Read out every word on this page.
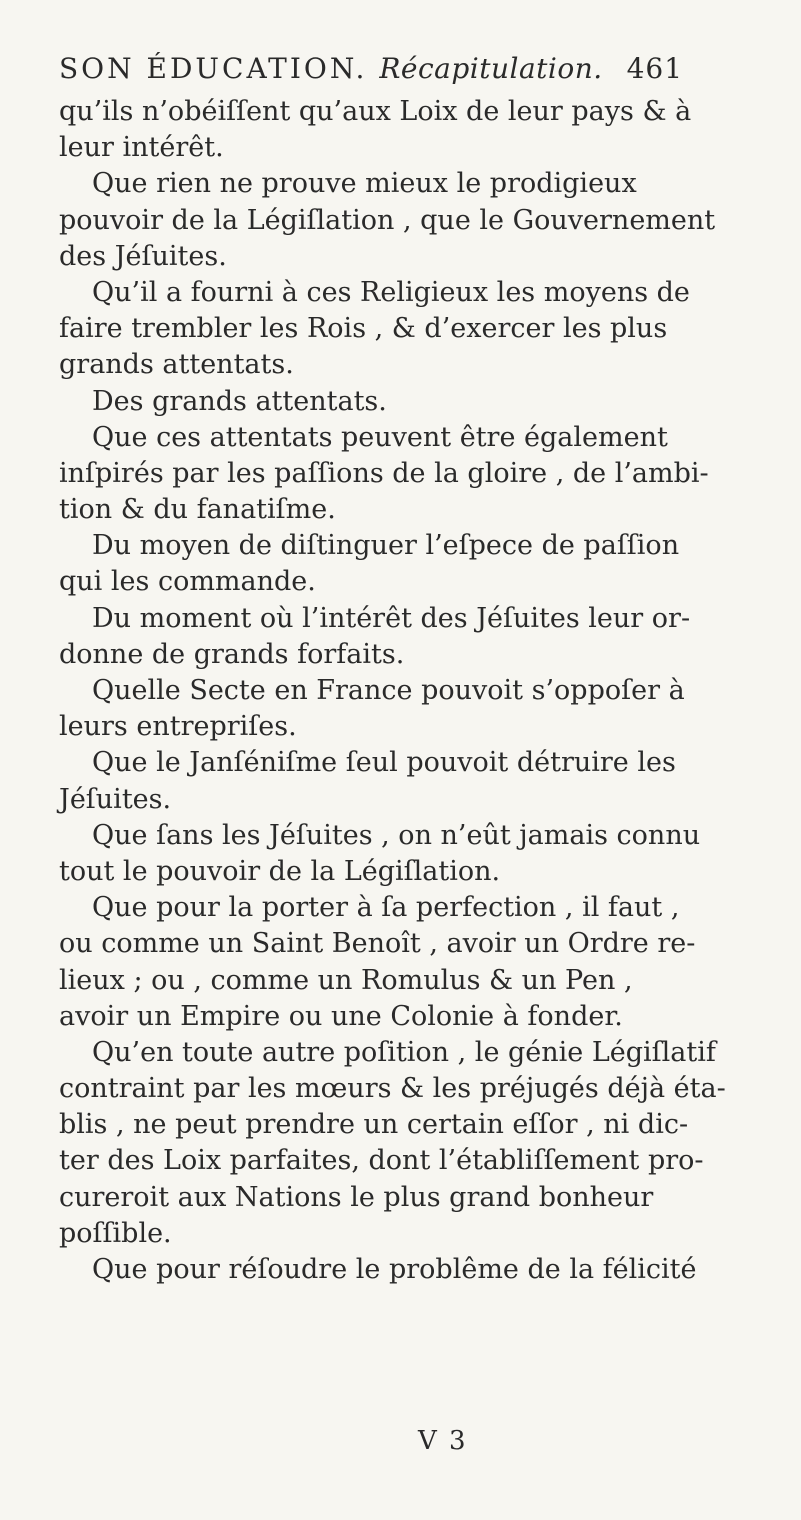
SON ÉDUCATION. Récapitulation. 461
qu’ils n’obéiſſent qu’aux Loix de leur pays & à
leur intérêt.
Que rien ne prouve mieux le prodigieux
pouvoir de la Légiſlation , que le Gouvernement
des Jéſuites.
Qu’il a fourni à ces Religieux les moyens de
faire trembler les Rois , & d’exercer les plus
grands attentats.
Des grands attentats.
Que ces attentats peuvent être également
inſpirés par les paſſions de la gloire , de l’ambi-
tion & du fanatiſme.
Du moyen de diſtinguer l’eſpece de paſſion
qui les commande.
Du moment où l’intérêt des Jéſuites leur or-
donne de grands forfaits.
Quelle Secte en France pouvoit s’oppoſer à
leurs entrepriſes.
Que le Janſéniſme ſeul pouvoit détruire les
Jéſuites.
Que ſans les Jéſuites , on n’eût jamais connu
tout le pouvoir de la Légiſlation.
Que pour la porter à ſa perfection , il faut ,
ou comme un Saint Benoît , avoir un Ordre re-
lieux ; ou , comme un Romulus & un Pen ,
avoir un Empire ou une Colonie à fonder.
Qu’en toute autre poſition , le génie Légiſlatif
contraint par les mœurs & les préjugés déjà éta-
blis , ne peut prendre un certain eſſor , ni dic-
ter des Loix parfaites, dont l’établiſſement pro-
cureroit aux Nations le plus grand bonheur
poſſible.
Que pour réſoudre le problême de la félicité
V 3
